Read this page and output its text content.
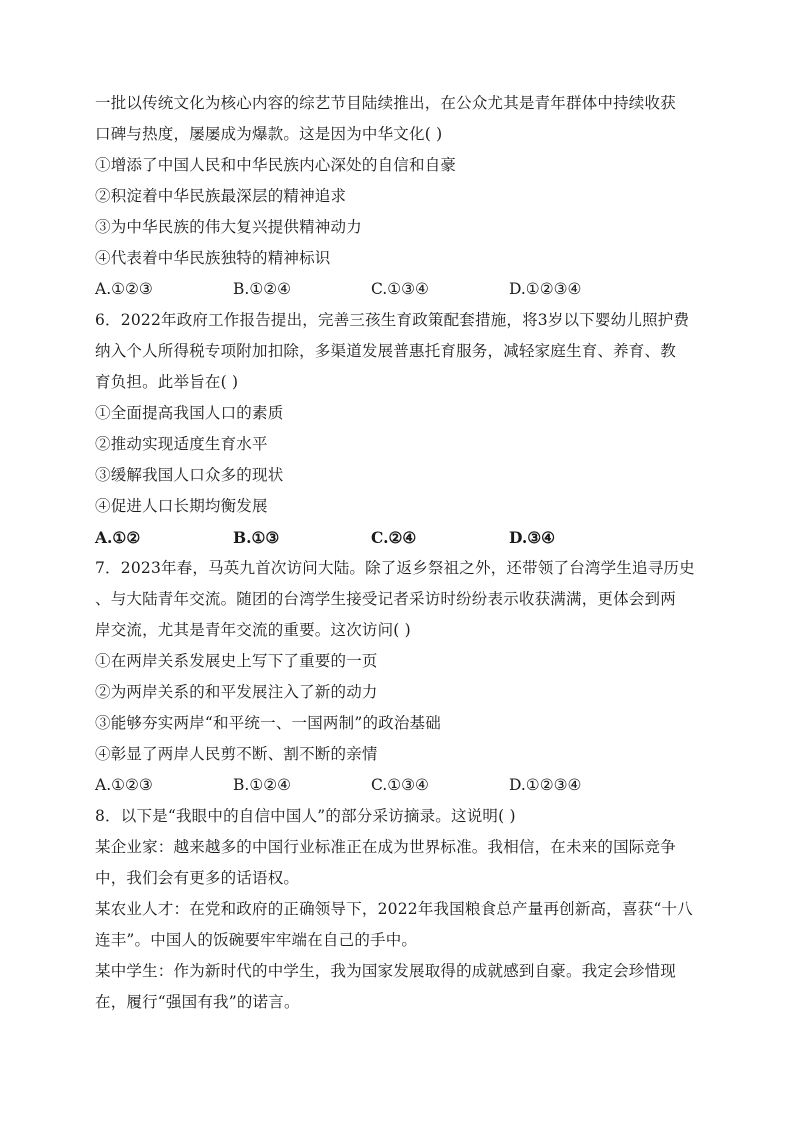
一批以传统文化为核心内容的综艺节目陆续推出，在公众尤其是青年群体中持续收获
口碑与热度，屡屡成为爆款。这是因为中华文化( )
①增添了中国人民和中华民族内心深处的自信和自豪
②积淀着中华民族最深层的精神追求
③为中华民族的伟大复兴提供精神动力
④代表着中华民族独特的精神标识
A.①②③	B.①②④	C.①③④	D.①②③④
6．2022年政府工作报告提出，完善三孩生育政策配套措施，将3岁以下婴幼儿照护费
纳入个人所得税专项附加扣除，多渠道发展普惠托育服务，减轻家庭生育、养育、教
育负担。此举旨在( )
①全面提高我国人口的素质
②推动实现适度生育水平
③缓解我国人口众多的现状
④促进人口长期均衡发展
A.①②	B.①③	C.②④	D.③④
7．2023年春，马英九首次访问大陆。除了返乡祭祖之外，还带领了台湾学生追寻历史
、与大陆青年交流。随团的台湾学生接受记者采访时纷纷表示收获满满，更体会到两
岸交流，尤其是青年交流的重要。这次访问( )
①在两岸关系发展史上写下了重要的一页
②为两岸关系的和平发展注入了新的动力
③能够夯实两岸“和平统一、一国两制”的政治基础
④彰显了两岸人民剪不断、割不断的亲情
A.①②③	B.①②④	C.①③④	D.①②③④
8．以下是“我眼中的自信中国人”的部分采访摘录。这说明( )
某企业家：越来越多的中国行业标准正在成为世界标准。我相信，在未来的国际竞争
中，我们会有更多的话语权。
某农业人才：在党和政府的正确领导下，2022年我国粮食总产量再创新高，喜获“十八
连丰”。中国人的饭碗要牢牢端在自己的手中。
某中学生：作为新时代的中学生，我为国家发展取得的成就感到自豪。我定会珍惜现
在，履行“强国有我”的诺言。
